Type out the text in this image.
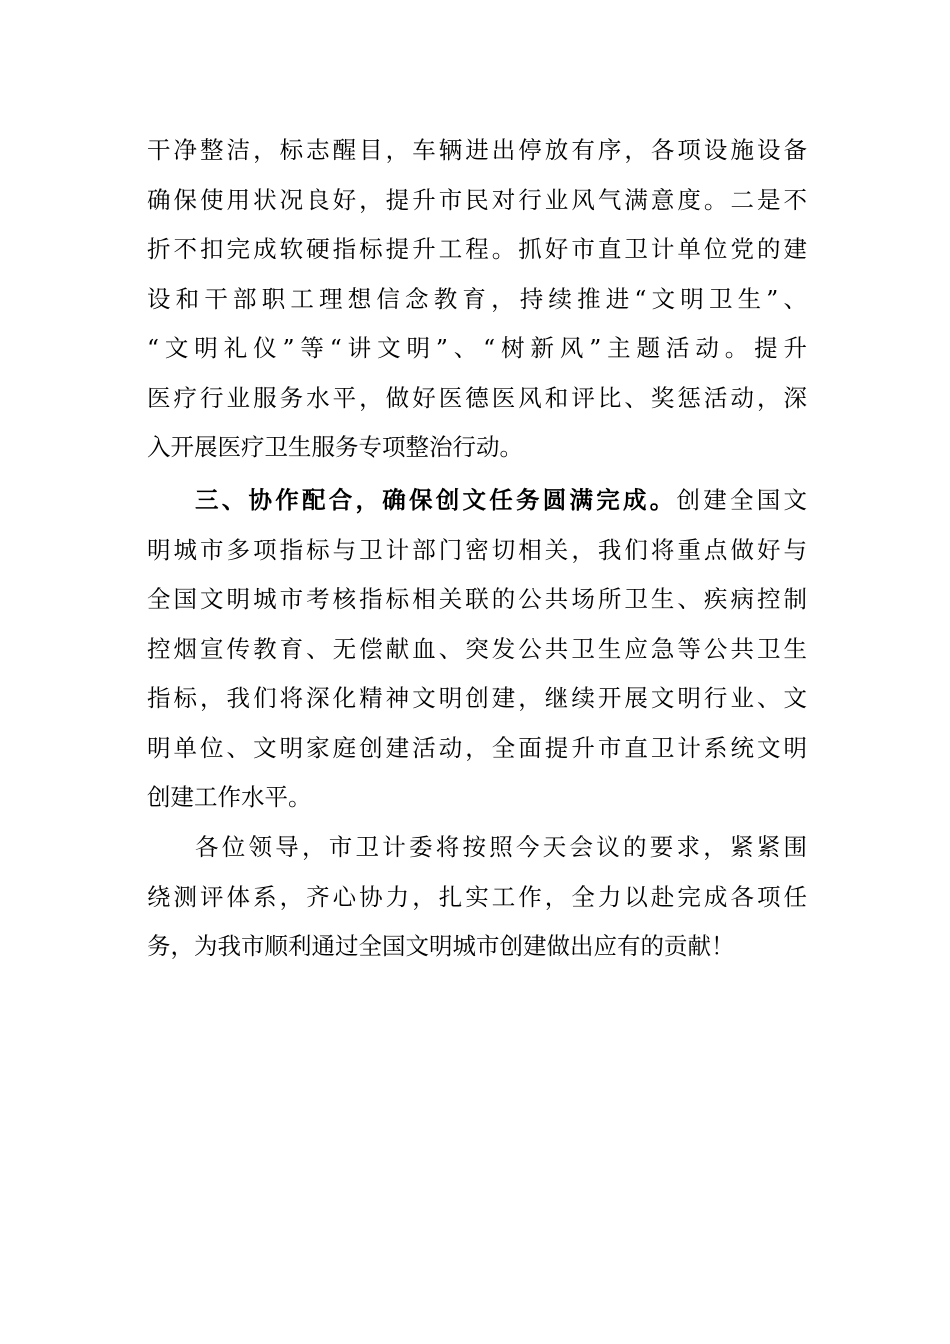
干净整洁，标志醒目，车辆进出停放有序，各项设施设备
确保使用状况良好，提升市民对行业风气满意度。二是不
折不扣完成软硬指标提升工程。抓好市直卫计单位党的建
设和干部职工理想信念教育，持续推进“文明卫生”、
“文明礼仪”等“讲文明”、“树新风”主题活动。提升
医疗行业服务水平，做好医德医风和评比、奖惩活动，深
入开展医疗卫生服务专项整治行动。
三、协作配合，确保创文任务圆满完成。创建全国文
明城市多项指标与卫计部门密切相关，我们将重点做好与
全国文明城市考核指标相关联的公共场所卫生、疾病控制
控烟宣传教育、无偿献血、突发公共卫生应急等公共卫生
指标，我们将深化精神文明创建，继续开展文明行业、文
明单位、文明家庭创建活动，全面提升市直卫计系统文明
创建工作水平。
各位领导，市卫计委将按照今天会议的要求，紧紧围
绕测评体系，齐心协力，扎实工作，全力以赴完成各项任
务，为我市顺利通过全国文明城市创建做出应有的贡献！
